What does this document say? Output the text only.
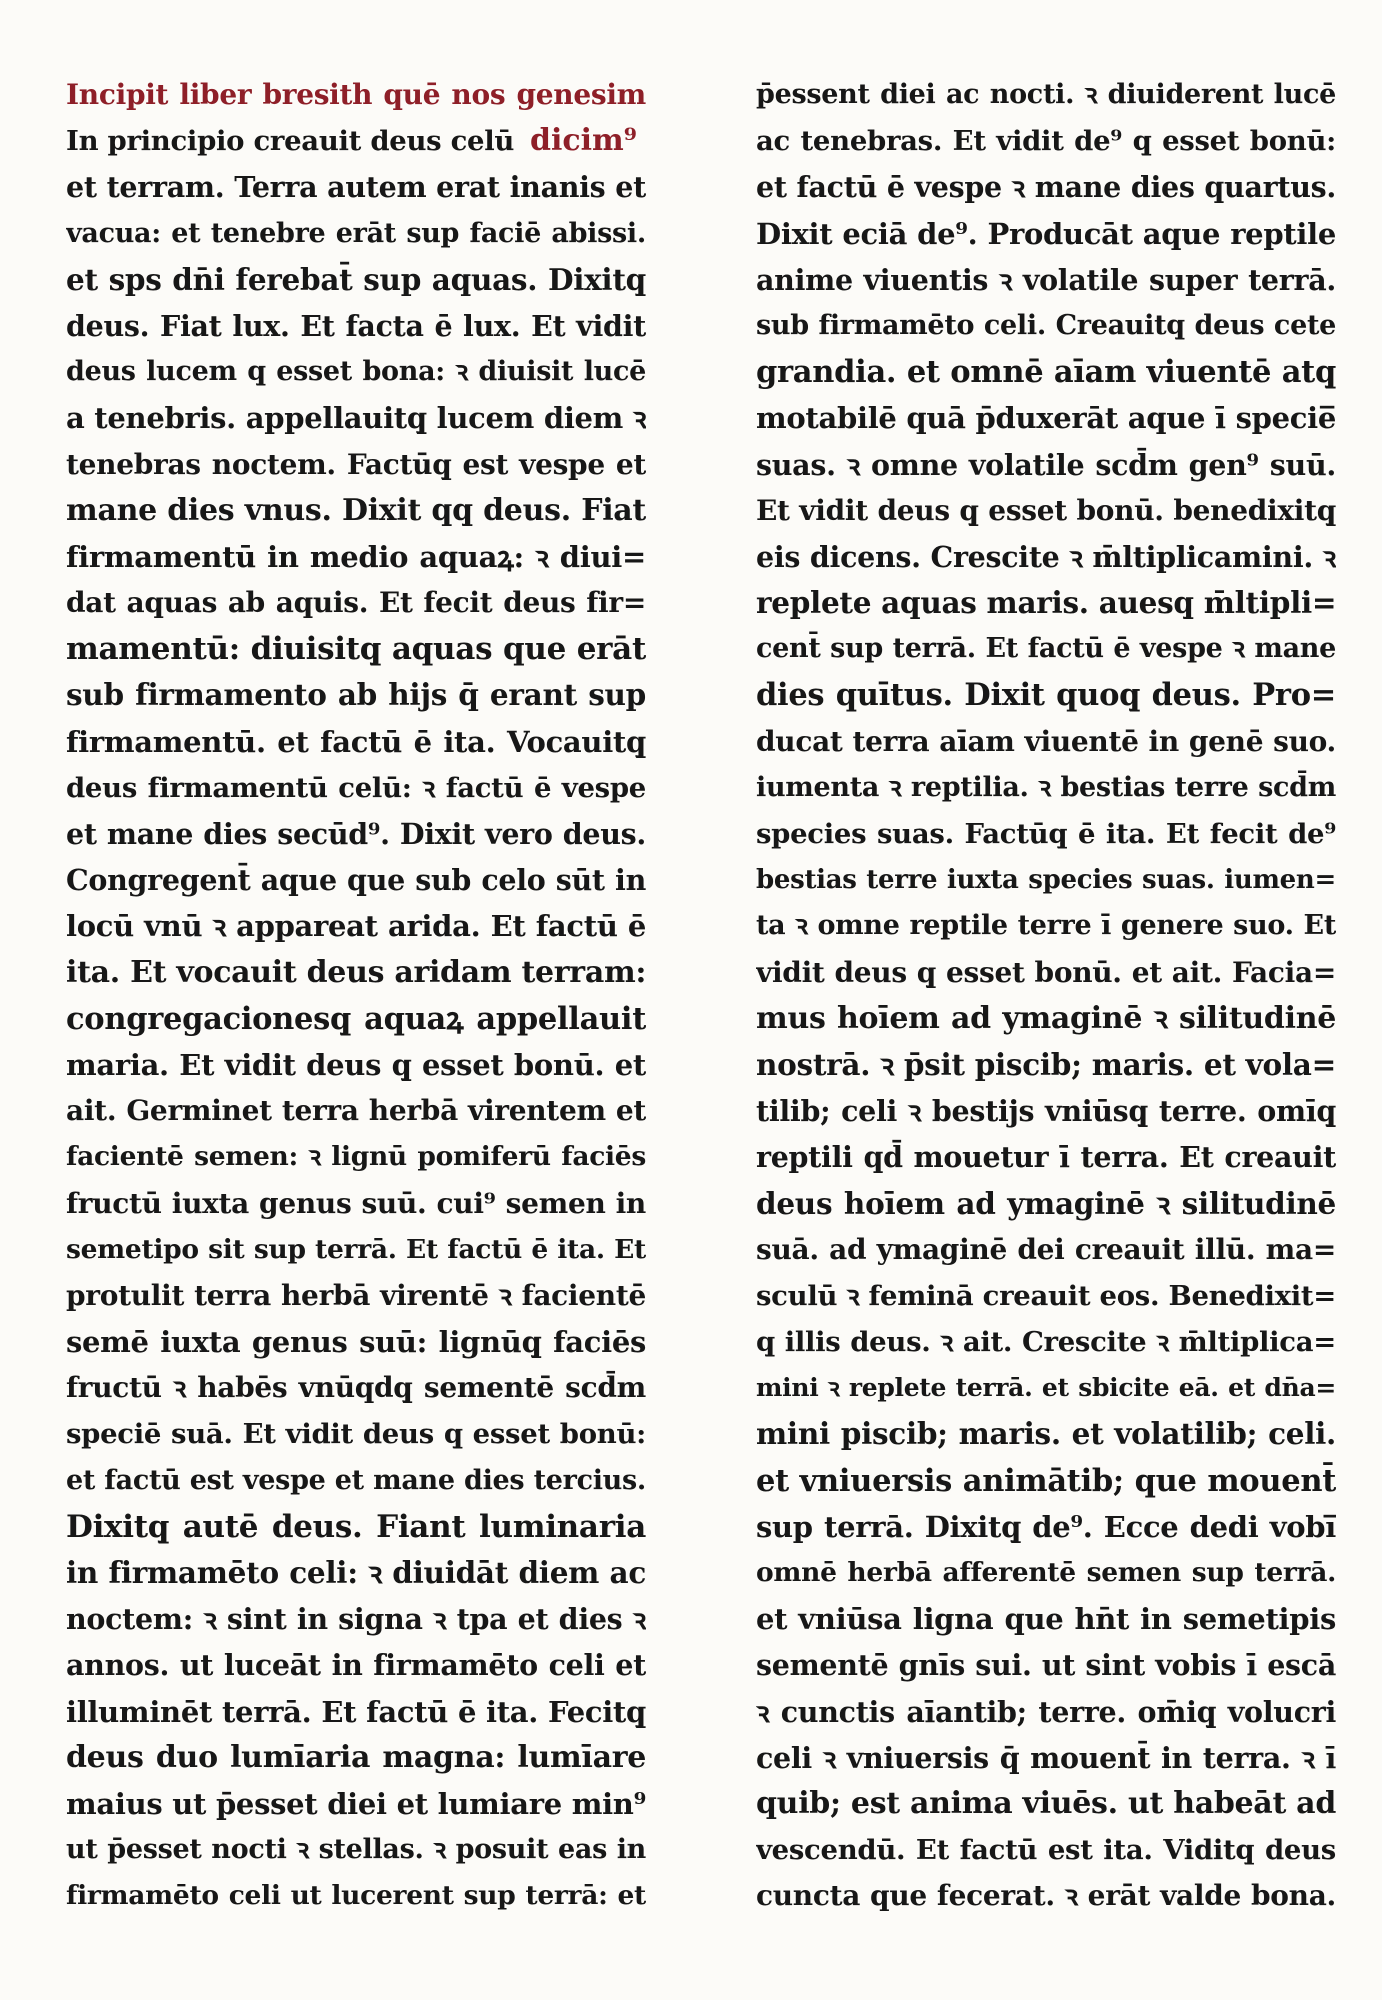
Incipit liber bresith quē nos genesim
In principio creauit deus celū
et terram. Terra autem erat inanis et
vacua: et tenebre erāt sup faciē abissi.
et sps dn̄i ferebat̄ sup aquas. Dixitq̧
deus. Fiat lux. Et facta ē lux. Et vidit
deus lucem q̧ esset bona: ꝛ diuisit lucē
a tenebris. appellauitq̧ lucem diem ꝛ
tenebras noctem. Factūq̧ est vespe et
mane dies vnus. Dixit qq̧ deus. Fiat
firmamentū in medio aquaꝝ: ꝛ diui=
dat aquas ab aquis. Et fecit deus fir=
mamentū: diuisitq̧ aquas que erāt
sub firmamento ab hijs q̄ erant sup
firmamentū. et factū ē ita. Vocauitq̧
deus firmamentū celū: ꝛ factū ē vespe
et mane dies secūd⁹. Dixit vero deus.
Congregent̄ aque que sub celo sūt in
locū vnū ꝛ appareat arida. Et factū ē
ita. Et vocauit deus aridam terram:
congregacionesq̧ aquaꝝ appellauit
maria. Et vidit deus q̧ esset bonū. et
ait. Germinet terra herbā virentem et
facientē semen: ꝛ lignū pomiferū faciēs
fructū iuxta genus suū. cui⁹ semen in
semetipo sit sup terrā. Et factū ē ita. Et
protulit terra herbā virentē ꝛ facientē
semē iuxta genus suū: lignūq̧ faciēs
fructū ꝛ habēs vnūqdq̧ sementē scd̄m
speciē suā. Et vidit deus q̧ esset bonū:
et factū est vespe et mane dies tercius.
Dixitq̧ autē deus. Fiant luminaria
in firmamēto celi: ꝛ diuidāt diem ac
noctem: ꝛ sint in signa ꝛ tpa et dies ꝛ
annos. ut luceāt in firmamēto celi et
illuminēt terrā. Et factū ē ita. Fecitq̧
deus duo lumīaria magna: lumīare
maius ut p̄esset diei et lumiare min⁹
ut p̄esset nocti ꝛ stellas. ꝛ posuit eas in
firmamēto celi ut lucerent sup terrā: et
dicim⁹
p̄essent diei ac nocti. ꝛ diuiderent lucē
ac tenebras. Et vidit de⁹ q̧ esset bonū:
et factū ē vespe ꝛ mane dies quartus.
Dixit eciā de⁹. Producāt aque reptile
anime viuentis ꝛ volatile super terrā.
sub firmamēto celi. Creauitq̧ deus cete
grandia. et omnē aīam viuentē atq̧
motabilē quā p̄duxerāt aque ī specie̅
suas. ꝛ omne volatile scd̄m gen⁹ suū.
Et vidit deus q̧ esset bonū. benedixitq̧
eis dicens. Crescite ꝛ m̄ltiplicamini. ꝛ
replete aquas maris. auesq̧ m̄ltipli=
cent̄ sup terrā. Et factū ē vespe ꝛ mane
dies quītus. Dixit quoq̧ deus. Pro=
ducat terra aīam viuentē in genē suo.
iumenta ꝛ reptilia. ꝛ bestias terre scd̄m
species suas. Factūq̧ ē ita. Et fecit de⁹
bestias terre iuxta species suas. iumen=
ta ꝛ omne reptile terre ī genere suo. Et
vidit deus q̧ esset bonū. et ait. Facia=
mus hoīem ad ymaginē ꝛ silitudinē
nostrā. ꝛ p̄sit piscib; maris. et vola=
tilib; celi ꝛ bestijs vniūsq̧ terre. omīq̧
reptili qd̄ mouetur ī terra. Et creauit
deus hoīem ad ymaginē ꝛ silitudinē
suā. ad ymaginē dei creauit illū. ma=
sculū ꝛ feminā creauit eos. Benedixit=
q̧ illis deus. ꝛ ait. Crescite ꝛ m̄ltiplica=
mini ꝛ replete terrā. et sbicite eā. et dn̄a=
mini piscib; maris. et volatilib; celi.
et vniuersis animātib; que mouent̄
sup terrā. Dixitq̧ de⁹. Ecce dedi vobi̅
omnē herbā afferentē semen sup terrā.
et vniūsa ligna que hn̄t in semetipis
sementē gnīs sui. ut sint vobis ī escā
ꝛ cunctis aīantib; terre. om̄iq̧ volucri
celi ꝛ vniuersis q̄ mouent̄ in terra. ꝛ ī
quib; est anima viuēs. ut habeāt ad
vescendū. Et factū est ita. Viditq̧ deus
cuncta que fecerat. ꝛ erāt valde bona.
